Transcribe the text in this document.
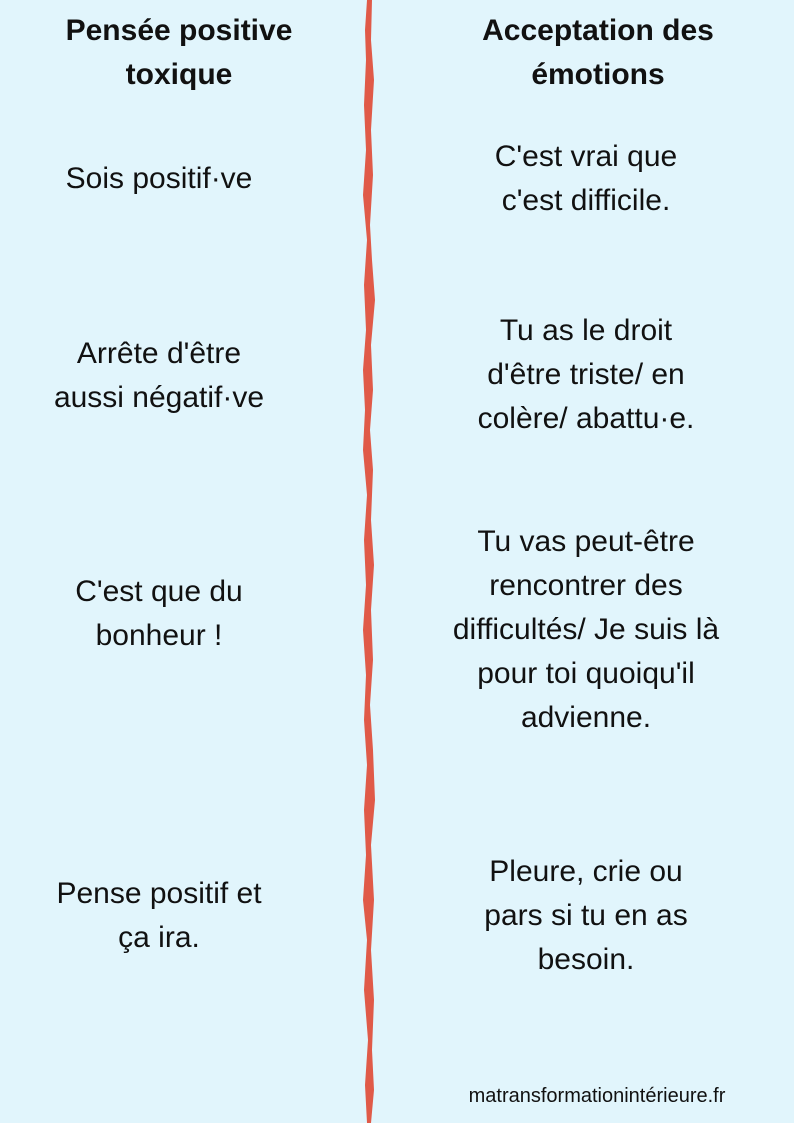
Pensée positive
toxique
Acceptation des
émotions

Sois positif·ve

C'est vrai que
c'est difficile.

Arrête d'être
aussi négatif·ve

Tu as le droit
d'être triste/ en
colère/ abattu·e.

C'est que du
bonheur !

Tu vas peut-être
rencontrer des
difficultés/ Je suis là
pour toi quoiqu'il
advienne.

Pense positif et
ça ira.

Pleure, crie ou
pars si tu en as
besoin.

matransformationintérieure.fr
